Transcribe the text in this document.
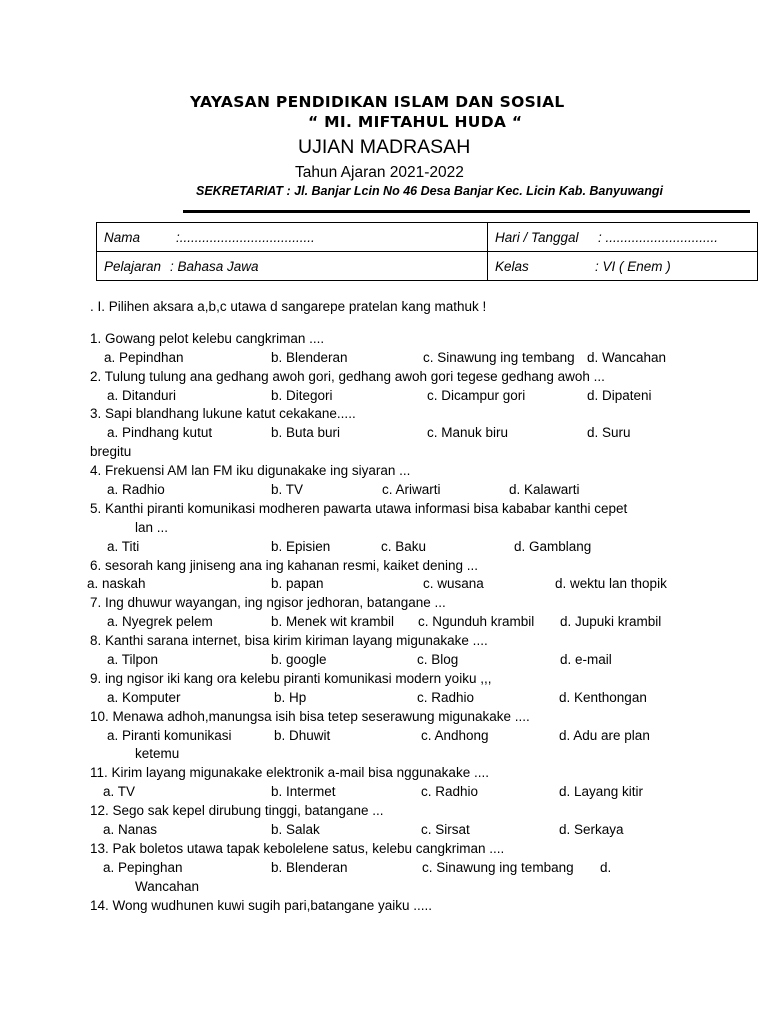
YAYASAN PENDIDIKAN ISLAM DAN SOSIAL
“ MI. MIFTAHUL HUDA “
UJIAN MADRASAH
Tahun Ajaran 2021-2022
SEKRETARIAT : Jl. Banjar Lcin No 46 Desa Banjar Kec. Licin Kab. Banyuwangi
Nama :....................................	Hari / Tanggal : ..............................
Pelajaran : Bahasa Jawa	Kelas : VI ( Enem )
. I. Pilihen aksara a,b,c utawa d sangarepe pratelan kang mathuk !
1. Gowang pelot kelebu cangkriman ....
a. Pepindhan	b. Blenderan	c. Sinawung ing tembang d. Wancahan
2. Tulung tulung ana gedhang awoh gori, gedhang awoh gori tegese gedhang awoh ...
a. Ditanduri	b. Ditegori	c. Dicampur gori	d. Dipateni
3. Sapi blandhang lukune katut cekakane.....
a. Pindhang kutut	b. Buta buri	c. Manuk biru	d. Suru
bregitu
4. Frekuensi AM lan FM iku digunakake ing siyaran ...
a. Radhio	b. TV	c. Ariwarti	d. Kalawarti
5. Kanthi piranti komunikasi modheren pawarta utawa informasi bisa kababar kanthi cepet
lan ...
a. Titi	b. Episien	c. Baku	d. Gamblang
6. sesorah kang jiniseng ana ing kahanan resmi, kaiket dening ...
a. naskah	b. papan	c. wusana	d. wektu lan thopik
7. Ing dhuwur wayangan, ing ngisor jedhoran, batangane ...
a. Nyegrek pelem	b. Menek wit krambil c. Ngunduh krambil d. Jupuki krambil
8. Kanthi sarana internet, bisa kirim kiriman layang migunakake ....
a. Tilpon	b. google	c. Blog	d. e-mail
9. ing ngisor iki kang ora kelebu piranti komunikasi modern yoiku ,,,
a. Komputer	b. Hp	c. Radhio	d. Kenthongan
10. Menawa adhoh,manungsa isih bisa tetep seserawung migunakake ....
a. Piranti komunikasi	b. Dhuwit	c. Andhong	d. Adu are plan
ketemu
11. Kirim layang migunakake elektronik a-mail bisa nggunakake ....
a. TV	b. Intermet	c. Radhio	d. Layang kitir
12. Sego sak kepel dirubung tinggi, batangane ...
a. Nanas	b. Salak	c. Sirsat	d. Serkaya
13. Pak boletos utawa tapak kebolelene satus, kelebu cangkriman ....
a. Pepinghan	b. Blenderan	c. Sinawung ing tembang d.
Wancahan
14. Wong wudhunen kuwi sugih pari,batangane yaiku .....
